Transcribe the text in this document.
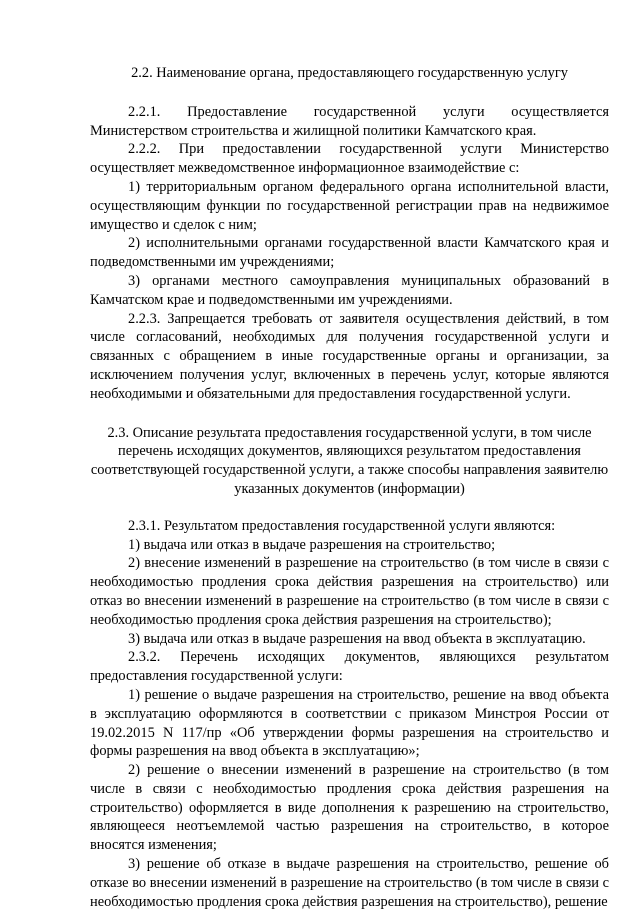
2.2. Наименование органа, предоставляющего государственную услугу

2.2.1. Предоставление государственной услуги осуществляется Министерством строительства и жилищной политики Камчатского края.

2.2.2. При предоставлении государственной услуги Министерство осуществляет межведомственное информационное взаимодействие с:

1) территориальным органом федерального органа исполнительной власти, осуществляющим функции по государственной регистрации прав на недвижимое имущество и сделок с ним;

2) исполнительными органами государственной власти Камчатского края и подведомственными им учреждениями;

3) органами местного самоуправления муниципальных образований в Камчатском крае и подведомственными им учреждениями.

2.2.3. Запрещается требовать от заявителя осуществления действий, в том числе согласований, необходимых для получения государственной услуги и связанных с обращением в иные государственные органы и организации, за исключением получения услуг, включенных в перечень услуг, которые являются необходимыми и обязательными для предоставления государственной услуги.

2.3. Описание результата предоставления государственной услуги, в том числе перечень исходящих документов, являющихся результатом предоставления соответствующей государственной услуги, а также способы направления заявителю указанных документов (информации)

2.3.1. Результатом предоставления государственной услуги являются:

1) выдача или отказ в выдаче разрешения на строительство;

2) внесение изменений в разрешение на строительство (в том числе в связи с необходимостью продления срока действия разрешения на строительство) или отказ во внесении изменений в разрешение на строительство (в том числе в связи с необходимостью продления срока действия разрешения на строительство);

3) выдача или отказ в выдаче разрешения на ввод объекта в эксплуатацию.

2.3.2. Перечень исходящих документов, являющихся результатом предоставления государственной услуги:

1) решение о выдаче разрешения на строительство, решение на ввод объекта в эксплуатацию оформляются в соответствии с приказом Минстроя России от 19.02.2015 N 117/пр «Об утверждении формы разрешения на строительство и формы разрешения на ввод объекта в эксплуатацию»;

2) решение о внесении изменений в разрешение на строительство (в том числе в связи с необходимостью продления срока действия разрешения на строительство) оформляется в виде дополнения к разрешению на строительство, являющееся неотъемлемой частью разрешения на строительство, в которое вносятся изменения;

3) решение об отказе в выдаче разрешения на строительство, решение об отказе во внесении изменений в разрешение на строительство (в том числе в связи с необходимостью продления срока действия разрешения на строительство), решение
